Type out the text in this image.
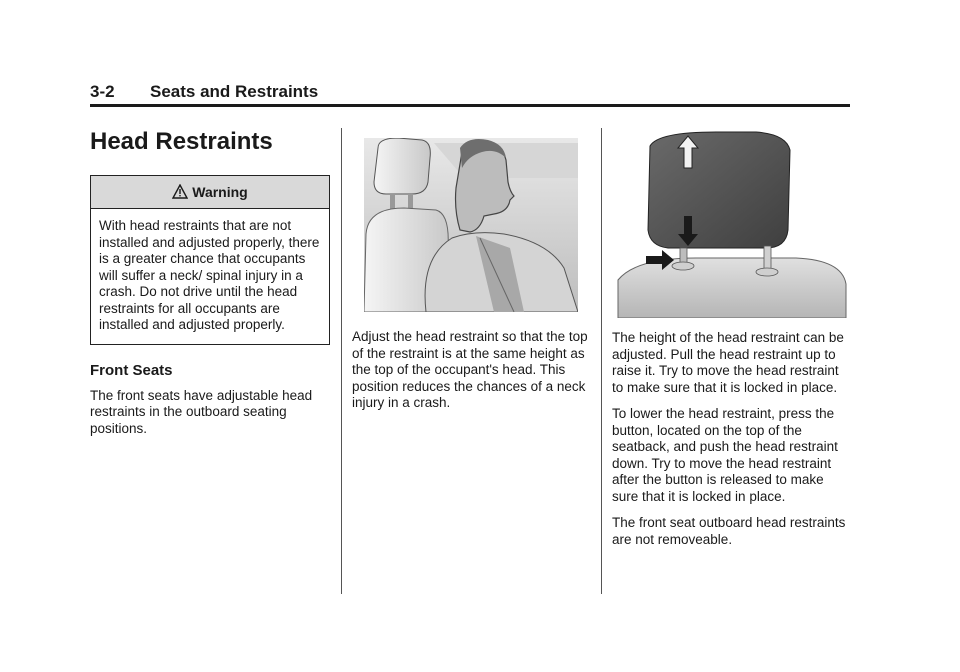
3-2 Seats and Restraints
Head Restraints
Warning
With head restraints that are not installed and adjusted properly, there is a greater chance that occupants will suffer a neck/ spinal injury in a crash. Do not drive until the head restraints for all occupants are installed and adjusted properly.
Front Seats

The front seats have adjustable head restraints in the outboard seating positions.

Adjust the head restraint so that the top of the restraint is at the same height as the top of the occupant's head. This position reduces the chances of a neck injury in a crash.

The height of the head restraint can be adjusted. Pull the head restraint up to raise it. Try to move the head restraint to make sure that it is locked in place.

To lower the head restraint, press the button, located on the top of the seatback, and push the head restraint down. Try to move the head restraint after the button is released to make sure that it is locked in place.

The front seat outboard head restraints are not removeable.
